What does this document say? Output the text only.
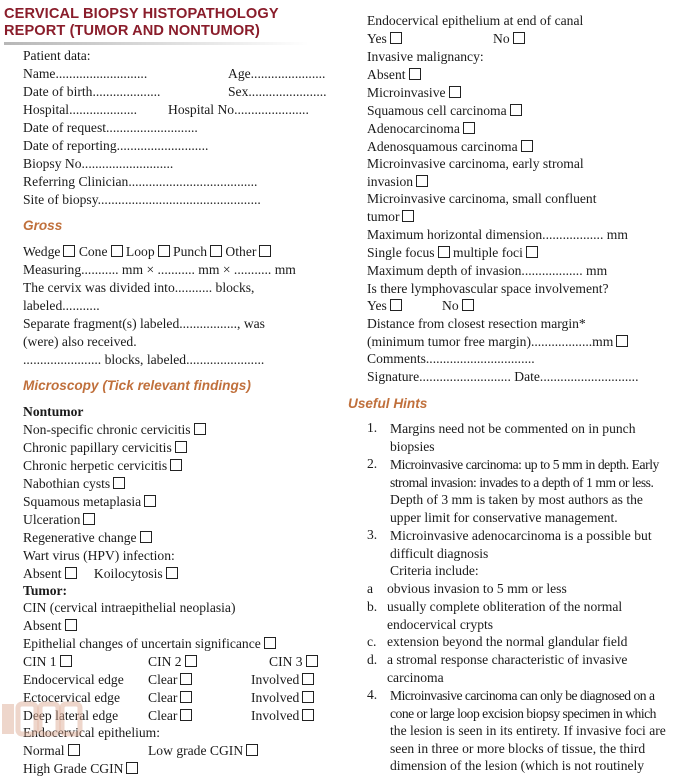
CERVICAL BIOPSY HISTOPATHOLOGY
REPORT (TUMOR AND NONTUMOR)
Patient data:
Name...........................	Age......................
Date of birth....................	Sex.......................
Hospital.................... Hospital No......................
Date of request...........................
Date of reporting...........................
Biopsy No...........................
Referring Clinician......................................
Site of biopsy................................................
Gross
Wedge Cone Loop Punch Other
Measuring........... mm × ........... mm × ........... mm
The cervix was divided into........... blocks,
labeled...........
Separate fragment(s) labeled................., was
(were) also received.
....................... blocks, labeled.......................
Microscopy (Tick relevant findings)
Nontumor
Non-specific chronic cervicitis
Chronic papillary cervicitis
Chronic herpetic cervicitis
Nabothian cysts
Squamous metaplasia
Ulceration
Regenerative change
Wart virus (HPV) infection:
Absent Koilocytosis
Tumor:
CIN (cervical intraepithelial neoplasia)
Absent
Epithelial changes of uncertain significance
CIN 1	CIN 2	CIN 3
Endocervical edge Clear	Involved
Ectocervical edge Clear	Involved
Deep lateral edge Clear	Involved
Endocervical epithelium:
Normal	Low grade CGIN
High Grade CGIN
Endocervical epithelium at end of canal
Yes	No
Invasive malignancy:
Absent
Microinvasive
Squamous cell carcinoma
Adenocarcinoma
Adenosquamous carcinoma
Microinvasive carcinoma, early stromal
invasion
Microinvasive carcinoma, small confluent
tumor
Maximum horizontal dimension.................. mm
Single focus multiple foci
Maximum depth of invasion.................. mm
Is there lymphovascular space involvement?
Yes	No
Distance from closest resection margin*
(minimum tumor free margin)..................mm
Comments................................
Signature........................... Date.............................
Useful Hints
1. Margins need not be commented on in punch
biopsies
2. Microinvasive carcinoma: up to 5 mm in depth. Early
stromal invasion: invades to a depth of 1 mm or less.
Depth of 3 mm is taken by most authors as the
upper limit for conservative management.
3. Microinvasive adenocarcinoma is a possible but
difficult diagnosis
Criteria include:
a obvious invasion to 5 mm or less
b. usually complete obliteration of the normal
endocervical crypts
c. extension beyond the normal glandular field
d. a stromal response characteristic of invasive
carcinoma
4. Microinvasive carcinoma can only be diagnosed on a
cone or large loop excision biopsy specimen in which
the lesion is seen in its entirety. If invasive foci are
seen in three or more blocks of tissue, the third
dimension of the lesion (which is not routinely
